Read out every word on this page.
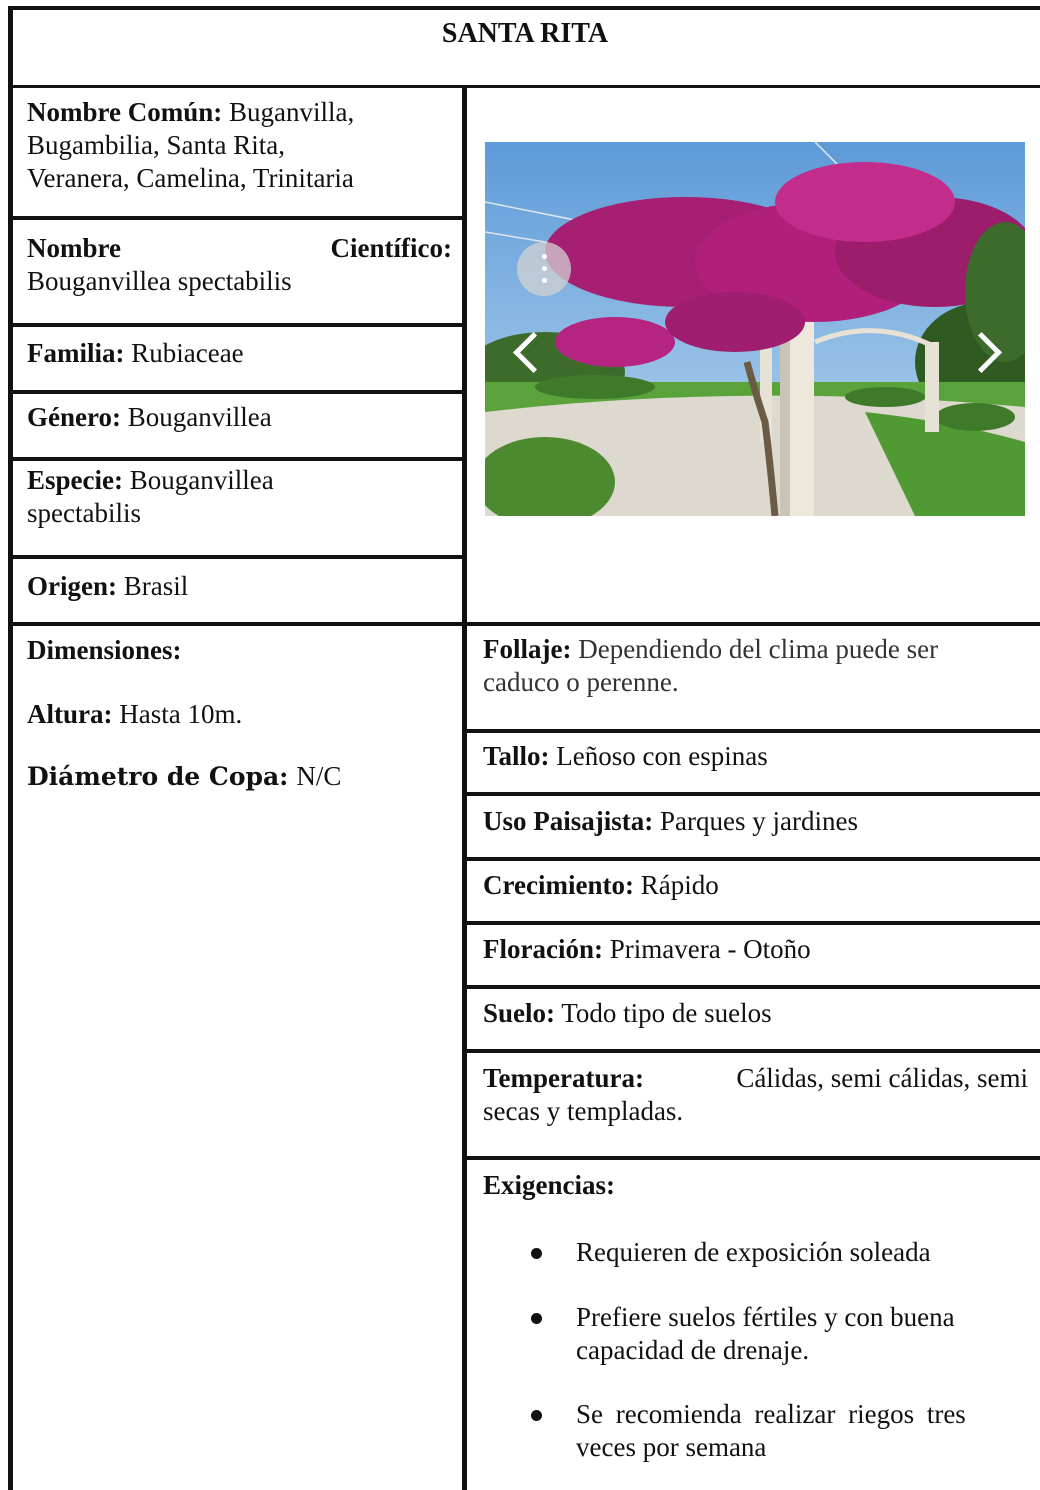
SANTA RITA
Nombre Común: Buganvilla,
Bugambilia, Santa Rita,
Veranera, Camelina, Trinitaria
Nombre	Científico:
Bouganvillea spectabilis
Familia: Rubiaceae
Género: Bouganvillea
Especie: Bouganvillea
spectabilis
Origen: Brasil
Dimensiones:
Altura: Hasta 10m.
Diámetro de Copa: N/C
Follaje: Dependiendo del clima puede ser
caduco o perenne.
Tallo: Leñoso con espinas
Uso Paisajista: Parques y jardines
Crecimiento: Rápido
Floración: Primavera - Otoño
Suelo: Todo tipo de suelos
Temperatura:	Cálidas, semi cálidas, semi
secas y templadas.
Exigencias:
Requieren de exposición soleada
Prefiere suelos fértiles y con buena
capacidad de drenaje.
Se recomienda realizar riegos tres
veces por semana
